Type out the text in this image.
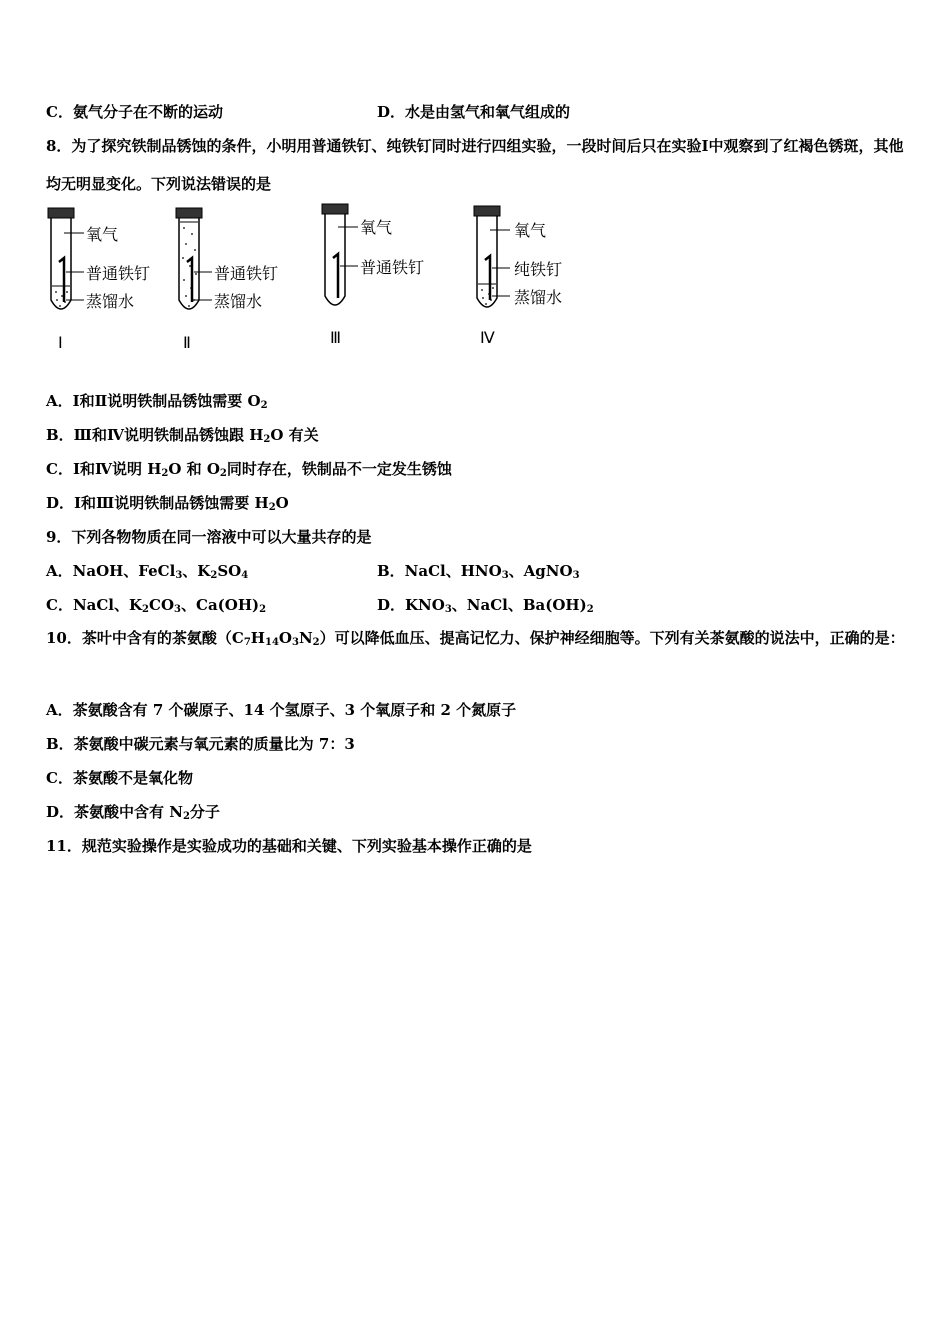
C．氨气分子在不断的运动	D．水是由氢气和氧气组成的
8．为了探究铁制品锈蚀的条件，小明用普通铁钉、纯铁钉同时进行四组实验，一段时间后只在实验Ⅰ中观察到了红褐色锈斑，其他均无明显变化。下列说法错误的是
氧气
普通铁钉
蒸馏水
Ⅰ
普通铁钉
蒸馏水
Ⅱ
氧气
普通铁钉
Ⅲ
氧气
纯铁钉
蒸馏水
Ⅳ
A．Ⅰ和Ⅱ说明铁制品锈蚀需要 $O_2$
B．Ⅲ和Ⅳ说明铁制品锈蚀跟 $H_2O$ 有关
C．Ⅰ和Ⅳ说明 $H_2O$ 和 $O_2$同时存在，铁制品不一定发生锈蚀
D．Ⅰ和Ⅲ说明铁制品锈蚀需要 $H_2O$
9．下列各物物质在同一溶液中可以大量共存的是
A．NaOH、FeCl$_3$、$K_2SO_4$	B．NaCl、$HNO_3$、AgNO$_3$
C．NaCl、$K_2CO_3$、$Ca(OH)_2$	D．$KNO_3$、NaCl、$Ba(OH)_2$
10．茶叶中含有的茶氨酸$(C_7H_{14}O_3N_2)$可以降低血压、提高记忆力、保护神经细胞等。下列有关茶氨酸的说法中，正确的是：
A．茶氨酸含有 7 个碳原子、14 个氢原子、3 个氧原子和 2 个氮原子
B．茶氨酸中碳元素与氧元素的质量比为 7：3
C．茶氨酸不是氧化物
D．茶氨酸中含有 $N_2$分子
11．规范实验操作是实验成功的基础和关键、下列实验基本操作正确的是
